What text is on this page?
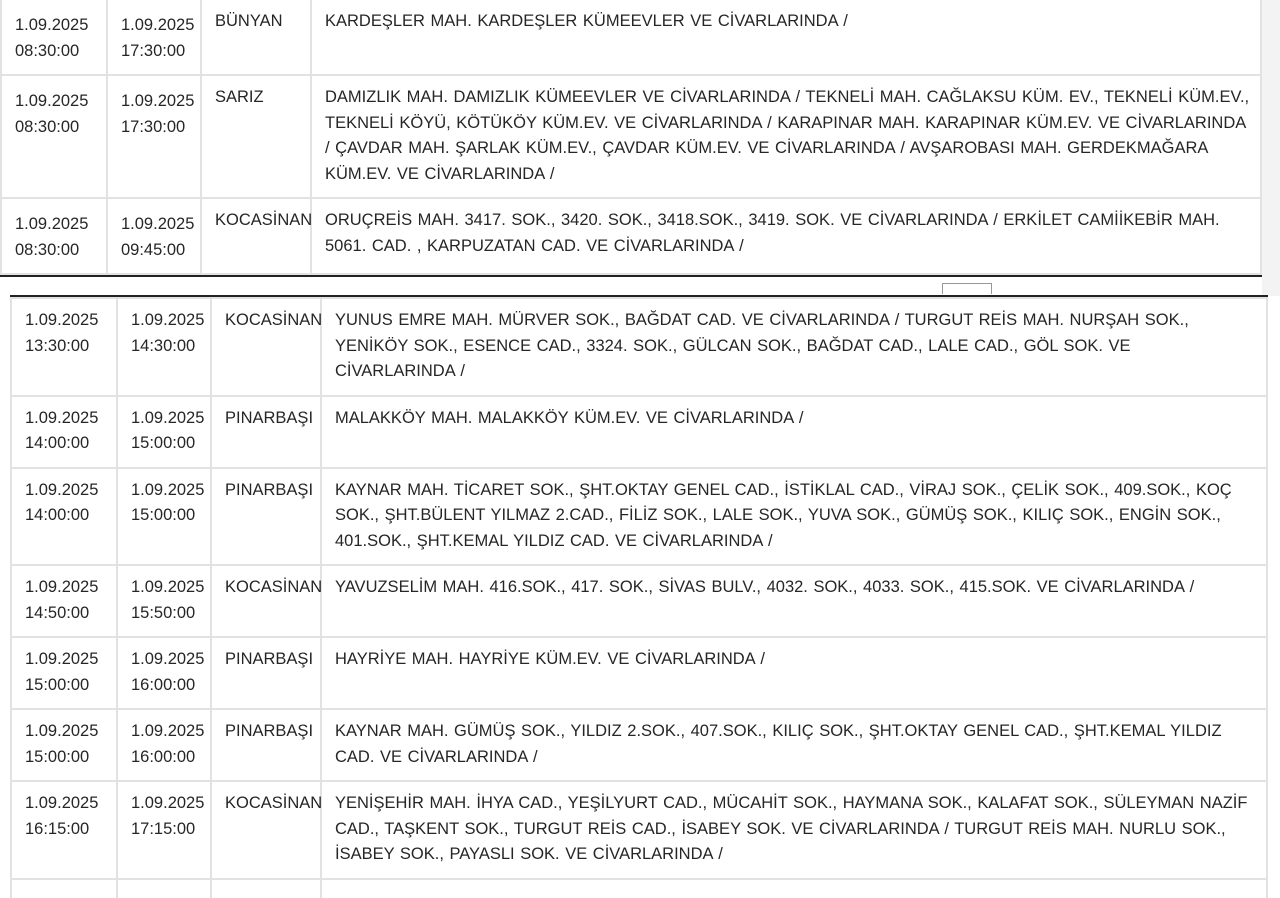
1.09.2025
08:30:00	1.09.2025
17:30:00	BÜNYAN	KARDEŞLER MAH. KARDEŞLER KÜMEEVLER VE CİVARLARINDA /

1.09.2025
08:30:00	1.09.2025
17:30:00	SARIZ	DAMIZLIK MAH. DAMIZLIK KÜMEEVLER VE CİVARLARINDA / TEKNELİ MAH. CAĞLAKSU KÜM. EV., TEKNELİ KÜM.EV., TEKNELİ KÖYÜ, KÖTÜKÖY KÜM.EV. VE CİVARLARINDA / KARAPINAR MAH. KARAPINAR KÜM.EV. VE CİVARLARINDA / ÇAVDAR MAH. ŞARLAK KÜM.EV., ÇAVDAR KÜM.EV. VE CİVARLARINDA / AVŞAROBASI MAH. GERDEKMAĞARA KÜM.EV. VE CİVARLARINDA /

1.09.2025
08:30:00	1.09.2025
09:45:00	KOCASİNAN	ORUÇREİS MAH. 3417. SOK., 3420. SOK., 3418.SOK., 3419. SOK. VE CİVARLARINDA / ERKİLET CAMİİKEBİR MAH. 5061. CAD. , KARPUZATAN CAD. VE CİVARLARINDA /
1.09.2025
13:30:00	1.09.2025
14:30:00	KOCASİNAN	YUNUS EMRE MAH. MÜRVER SOK., BAĞDAT CAD. VE CİVARLARINDA / TURGUT REİS MAH. NURŞAH SOK., YENİKÖY SOK., ESENCE CAD., 3324. SOK., GÜLCAN SOK., BAĞDAT CAD., LALE CAD., GÖL SOK. VE CİVARLARINDA /

1.09.2025
14:00:00	1.09.2025
15:00:00	PINARBAŞI	MALAKKÖY MAH. MALAKKÖY KÜM.EV. VE CİVARLARINDA /

1.09.2025
14:00:00	1.09.2025
15:00:00	PINARBAŞI	KAYNAR MAH. TİCARET SOK., ŞHT.OKTAY GENEL CAD., İSTİKLAL CAD., VİRAJ SOK., ÇELİK SOK., 409.SOK., KOÇ SOK., ŞHT.BÜLENT YILMAZ 2.CAD., FİLİZ SOK., LALE SOK., YUVA SOK., GÜMÜŞ SOK., KILIÇ SOK., ENGİN SOK., 401.SOK., ŞHT.KEMAL YILDIZ CAD. VE CİVARLARINDA /

1.09.2025
14:50:00	1.09.2025
15:50:00	KOCASİNAN	YAVUZSELİM MAH. 416.SOK., 417. SOK., SİVAS BULV., 4032. SOK., 4033. SOK., 415.SOK. VE CİVARLARINDA /

1.09.2025
15:00:00	1.09.2025
16:00:00	PINARBAŞI	HAYRİYE MAH. HAYRİYE KÜM.EV. VE CİVARLARINDA /

1.09.2025
15:00:00	1.09.2025
16:00:00	PINARBAŞI	KAYNAR MAH. GÜMÜŞ SOK., YILDIZ 2.SOK., 407.SOK., KILIÇ SOK., ŞHT.OKTAY GENEL CAD., ŞHT.KEMAL YILDIZ CAD. VE CİVARLARINDA /

1.09.2025
16:15:00	1.09.2025
17:15:00	KOCASİNAN	YENİŞEHİR MAH. İHYA CAD., YEŞİLYURT CAD., MÜCAHİT SOK., HAYMANA SOK., KALAFAT SOK., SÜLEYMAN NAZİF CAD., TAŞKENT SOK., TURGUT REİS CAD., İSABEY SOK. VE CİVARLARINDA / TURGUT REİS MAH. NURLU SOK., İSABEY SOK., PAYASLI SOK. VE CİVARLARINDA /
